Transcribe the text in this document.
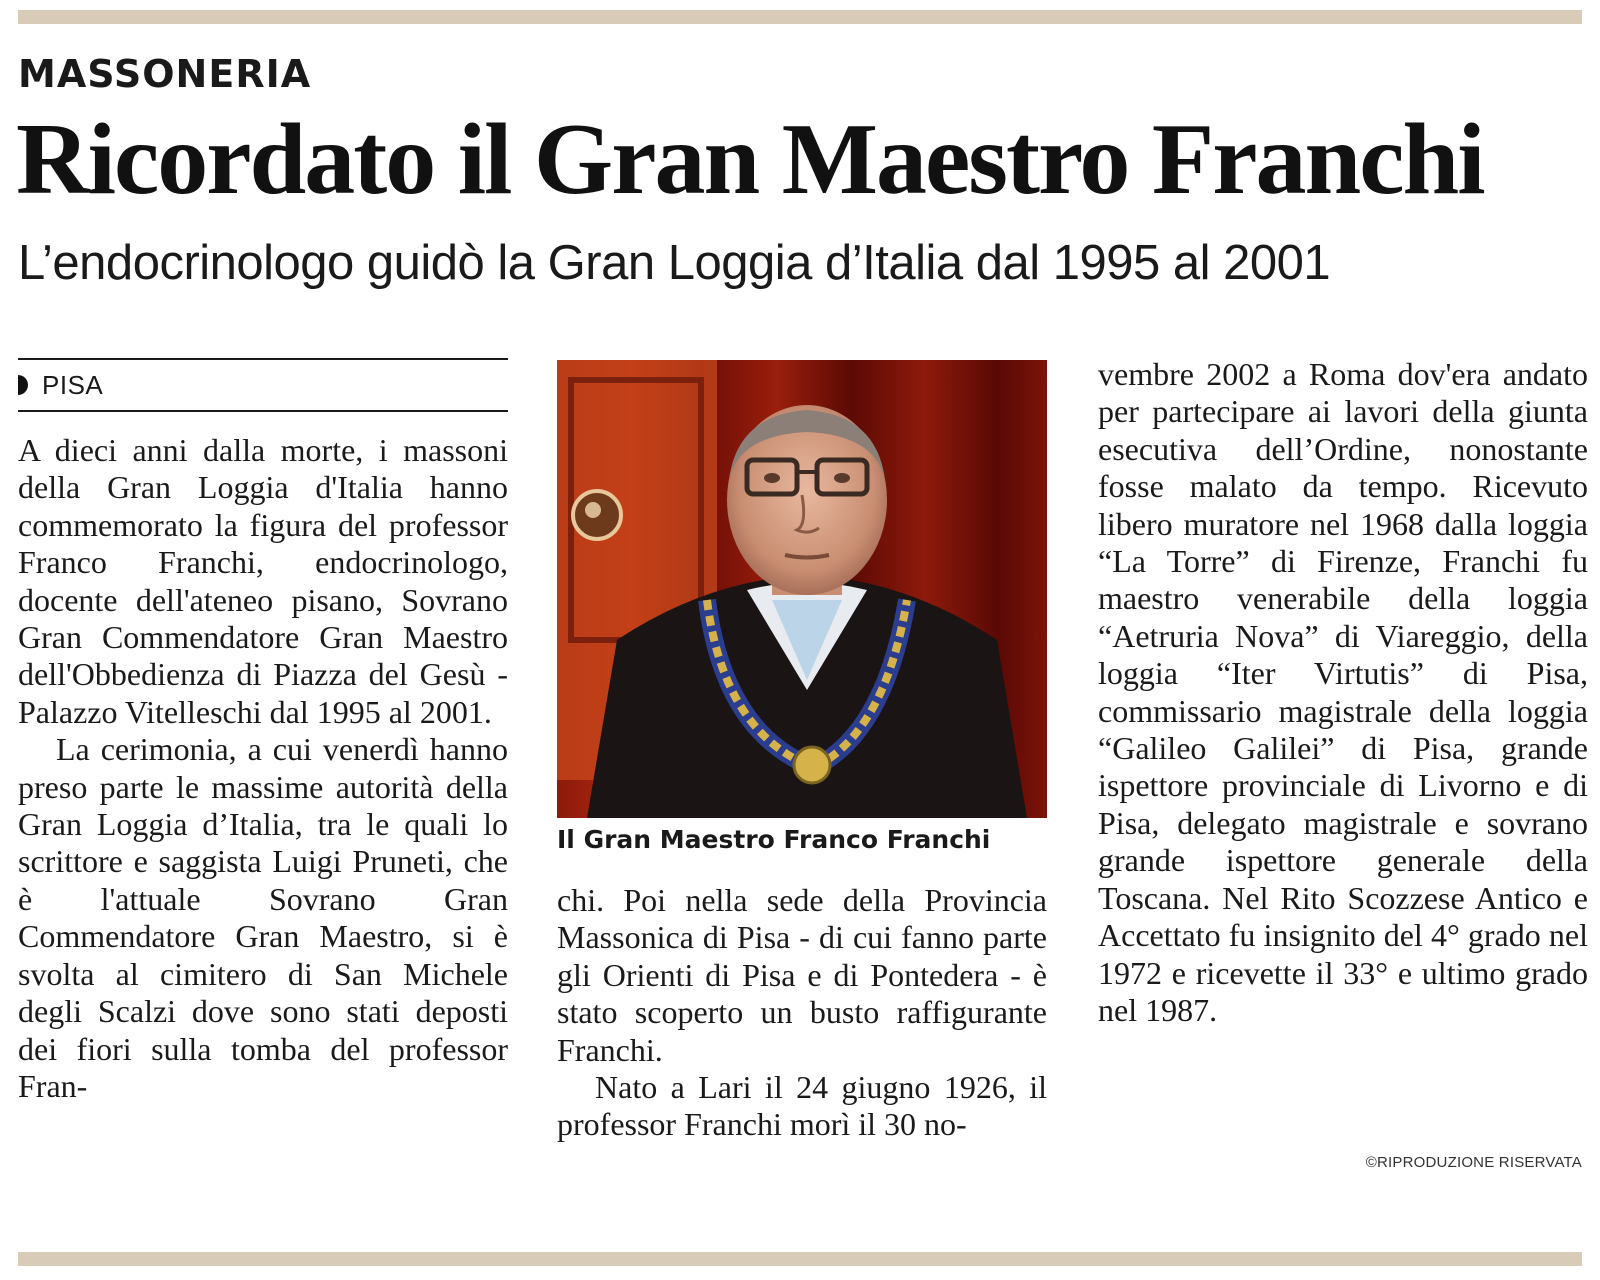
MASSONERIA
Ricordato il Gran Maestro Franchi
L’endocrinologo guidò la Gran Loggia d’Italia dal 1995 al 2001
PISA

A dieci anni dalla morte, i massoni della Gran Loggia d'Italia hanno commemorato la figura del professor Franco Franchi, endocrinologo, docente dell'ateneo pisano, Sovrano Gran Commendatore Gran Maestro dell'Obbedienza di Piazza del Gesù - Palazzo Vitelleschi dal 1995 al 2001.

La cerimonia, a cui venerdì hanno preso parte le massime autorità della Gran Loggia d’Italia, tra le quali lo scrittore e saggista Luigi Pruneti, che è l'attuale Sovrano Gran Commendatore Gran Maestro, si è svolta al cimitero di San Michele degli Scalzi dove sono stati deposti dei fiori sulla tomba del professor Fran-

Il Gran Maestro Franco Franchi

chi. Poi nella sede della Provincia Massonica di Pisa - di cui fanno parte gli Orienti di Pisa e di Pontedera - è stato scoperto un busto raffigurante Franchi.

Nato a Lari il 24 giugno 1926, il professor Franchi morì il 30 no-

vembre 2002 a Roma dov'era andato per partecipare ai lavori della giunta esecutiva dell’Ordine, nonostante fosse malato da tempo. Ricevuto libero muratore nel 1968 dalla loggia “La Torre” di Firenze, Franchi fu maestro venerabile della loggia “Aetruria Nova” di Viareggio, della loggia “Iter Virtutis” di Pisa, commissario magistrale della loggia “Galileo Galilei” di Pisa, grande ispettore provinciale di Livorno e di Pisa, delegato magistrale e sovrano grande ispettore generale della Toscana. Nel Rito Scozzese Antico e Accettato fu insignito del 4° grado nel 1972 e ricevette il 33° e ultimo grado nel 1987.

©RIPRODUZIONE RISERVATA
